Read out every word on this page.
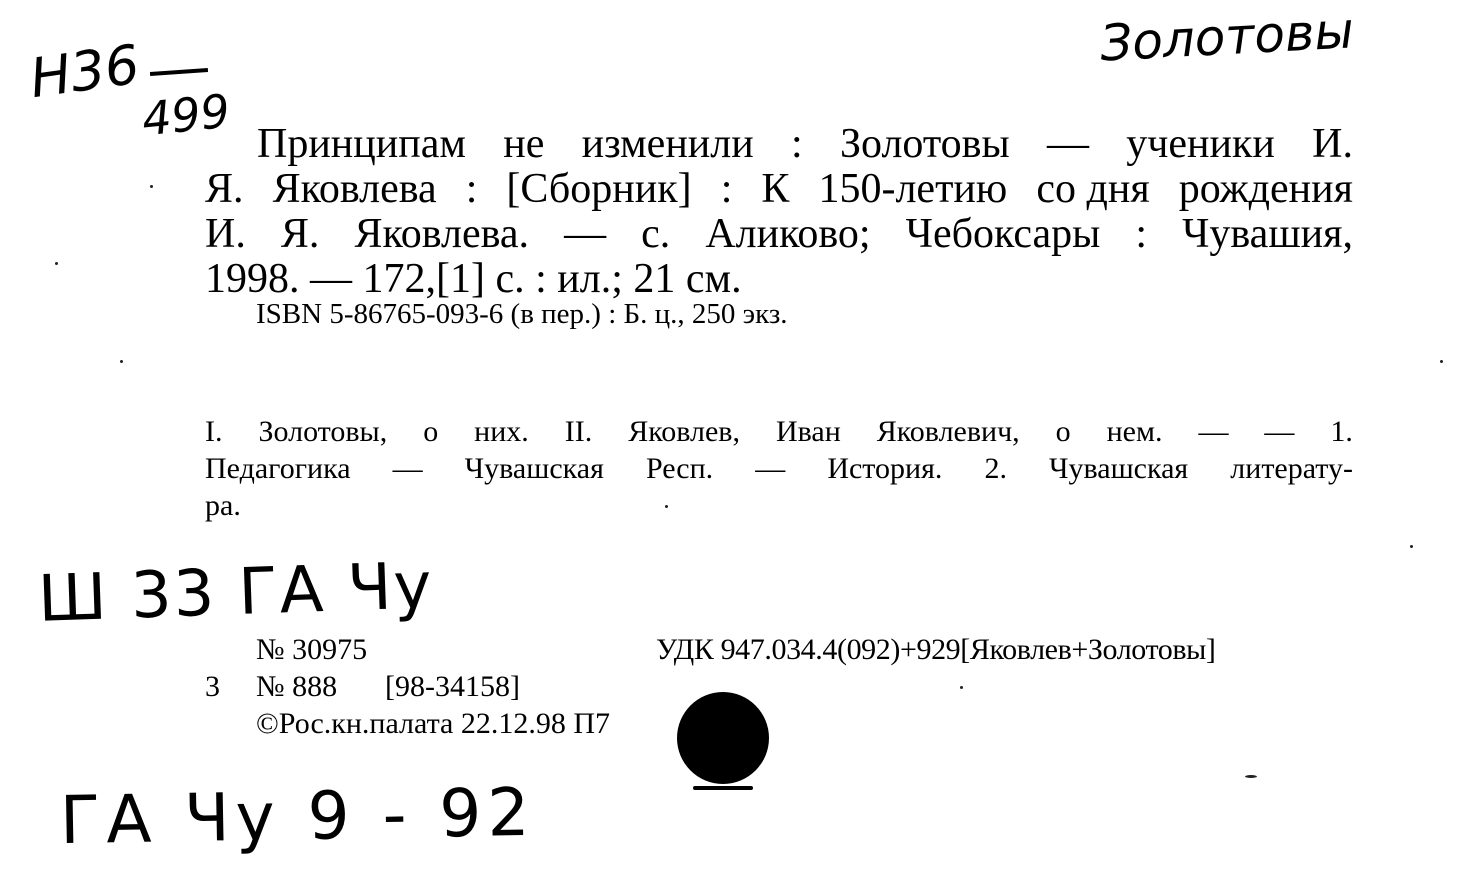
Н36
499
Золотовы
Ш 33 ГА Чу
ГА Чу 9 - 92
Принципам не изменили : Золотовы — ученики И.
Я. Яковлева : [Сборник] : К 150-летию со дня рождения
И. Я. Яковлева. — с. Аликово; Чебоксары : Чувашия,
1998. — 172,[1] с. : ил.; 21 см.
ISBN 5-86765-093-6 (в пер.) : Б. ц., 250 экз.
I. Золотовы, о них. II. Яковлев, Иван Яковлевич, о нем. — — 1.
Педагогика — Чувашская Респ. — История. 2. Чувашская литерату-
ра.
№ 30975	УДК 947.034.4(092)+929[Яковлев+Золотовы]
3 № 888 [98-34158]
©Рос.кн.палата 22.12.98 П7
